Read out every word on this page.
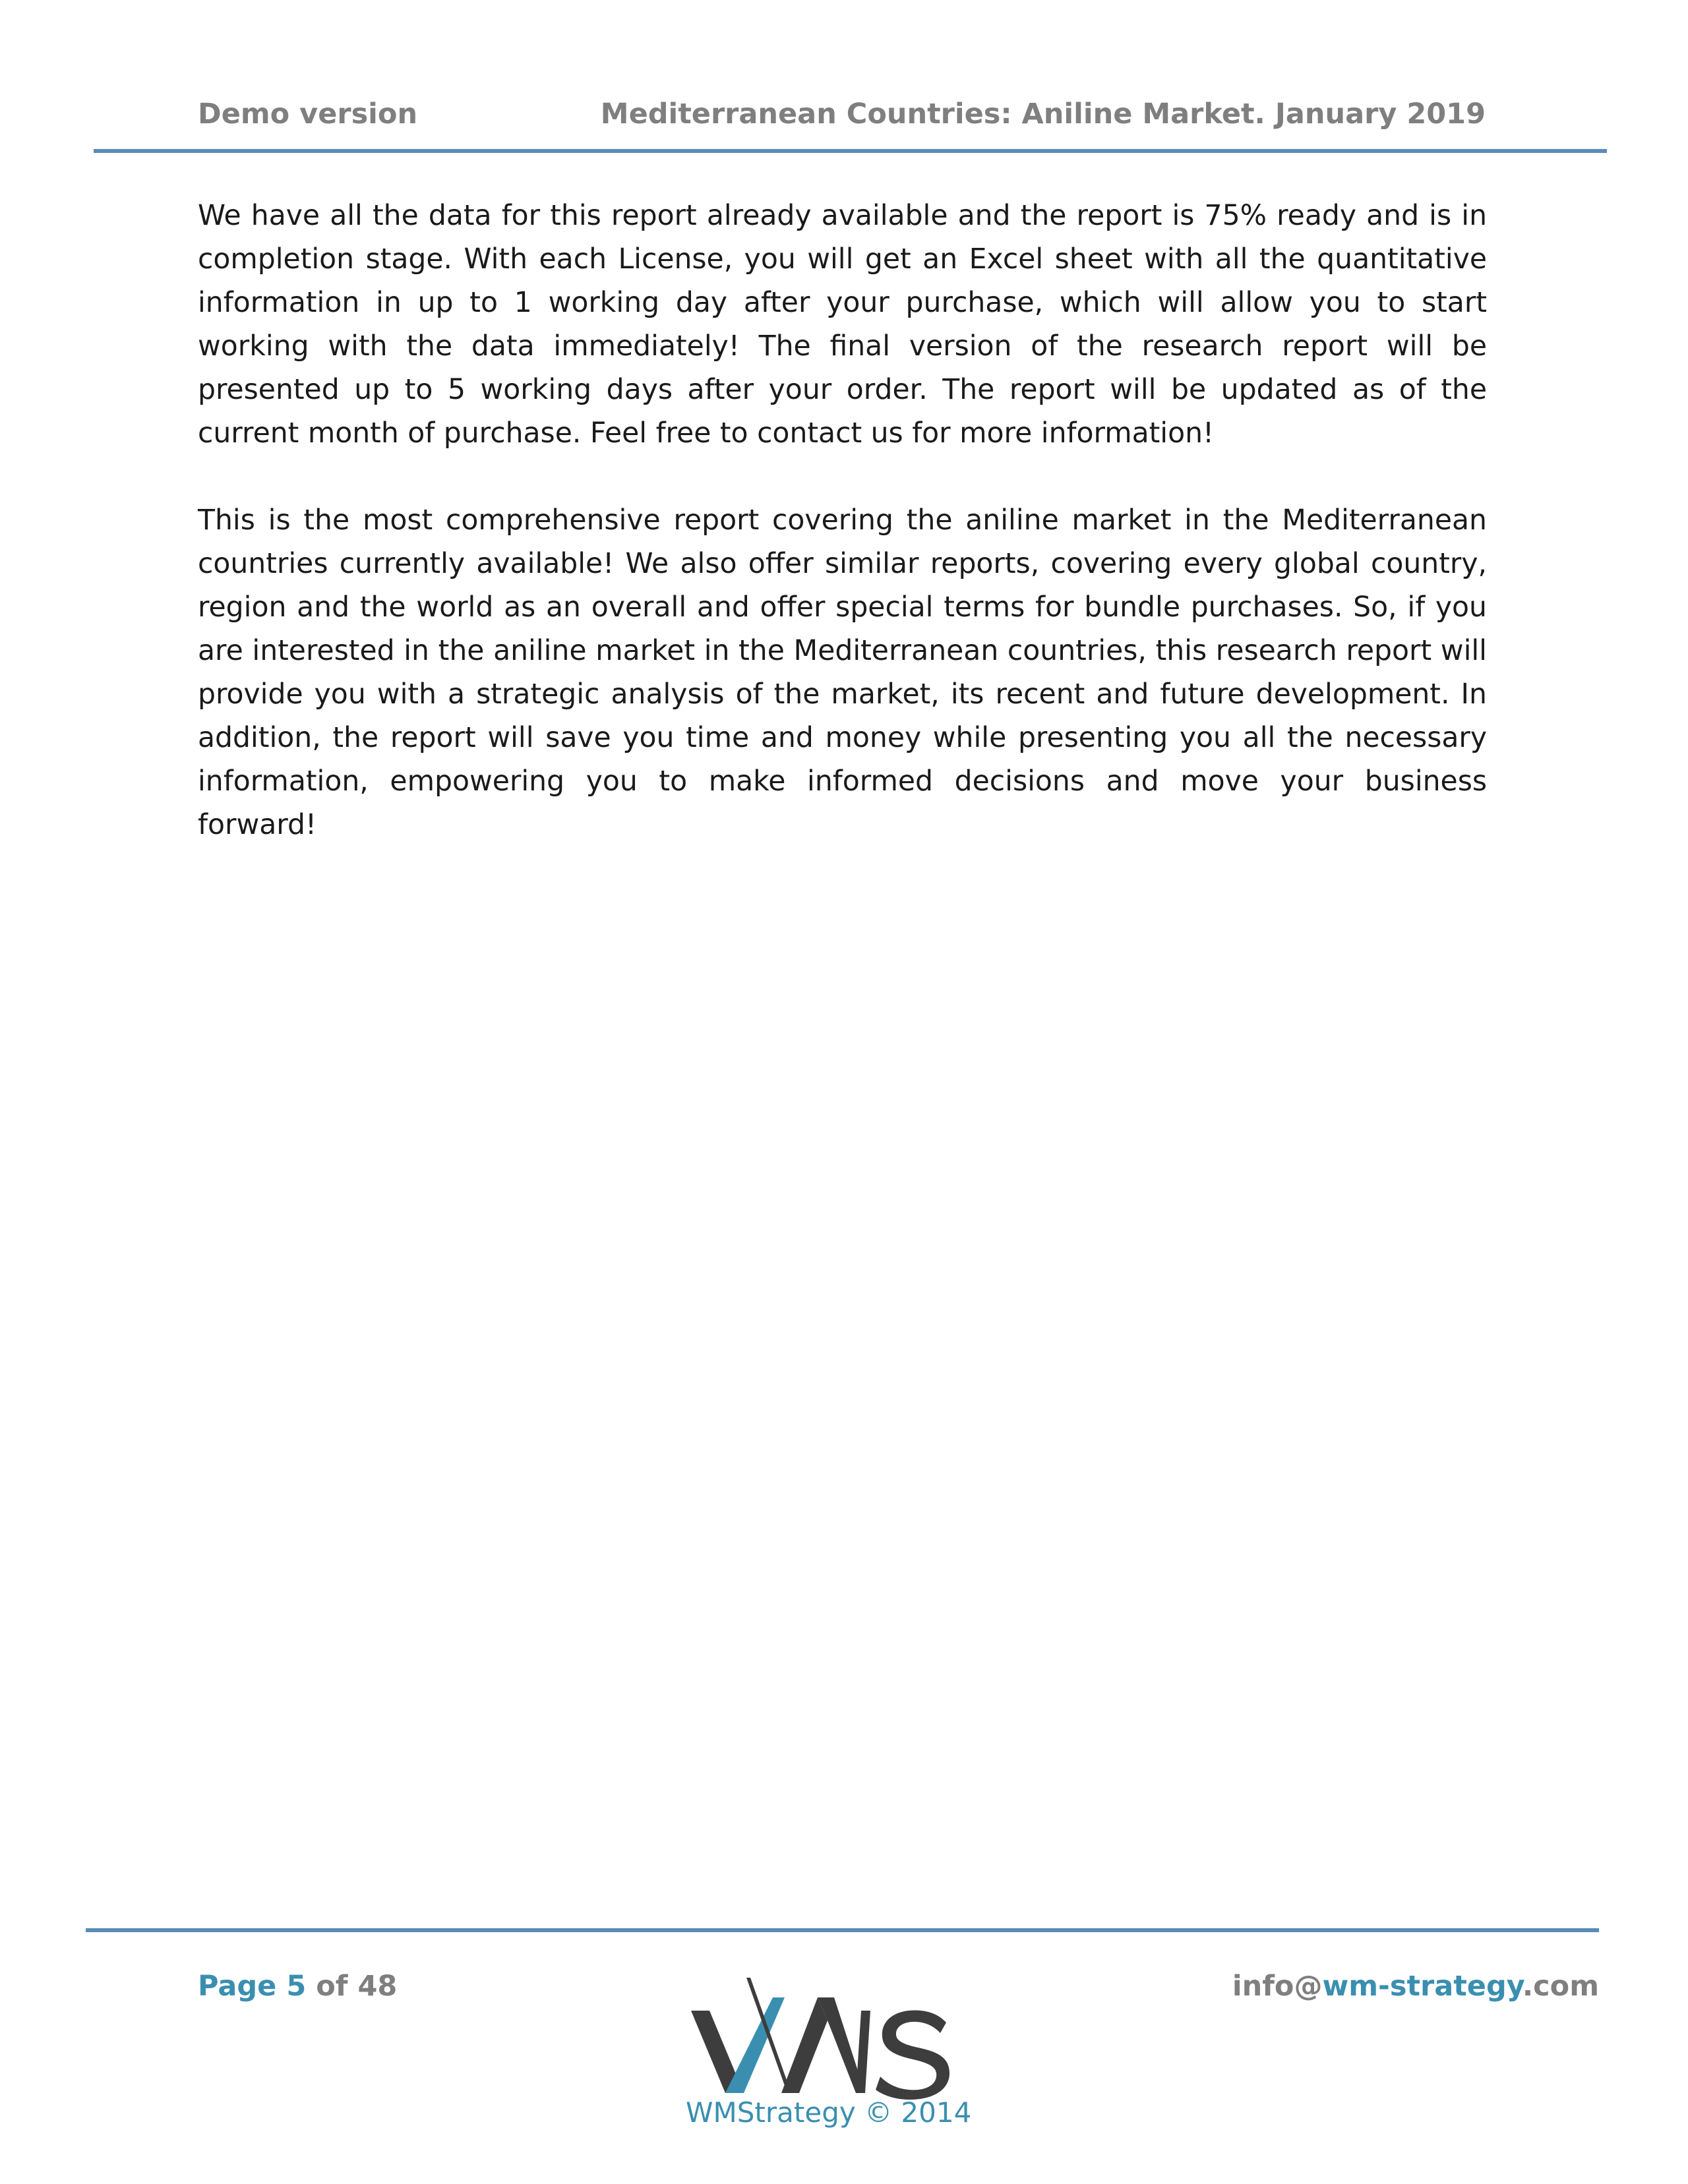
Demo version	Mediterranean Countries: Aniline Market. January 2019

We have all the data for this report already available and the report is 75% ready and is in completion stage. With each License, you will get an Excel sheet with all the quantitative information in up to 1 working day after your purchase, which will allow you to start working with the data immediately! The final version of the research report will be presented up to 5 working days after your order. The report will be updated as of the current month of purchase. Feel free to contact us for more information!

This is the most comprehensive report covering the aniline market in the Mediterranean countries currently available! We also offer similar reports, covering every global country, region and the world as an overall and offer special terms for bundle purchases. So, if you are interested in the aniline market in the Mediterranean countries, this research report will provide you with a strategic analysis of the market, its recent and future development. In addition, the report will save you time and money while presenting you all the necessary information, empowering you to make informed decisions and move your business forward!

Page 5 of 48	info@wm-strategy.com
WMStrategy © 2014
